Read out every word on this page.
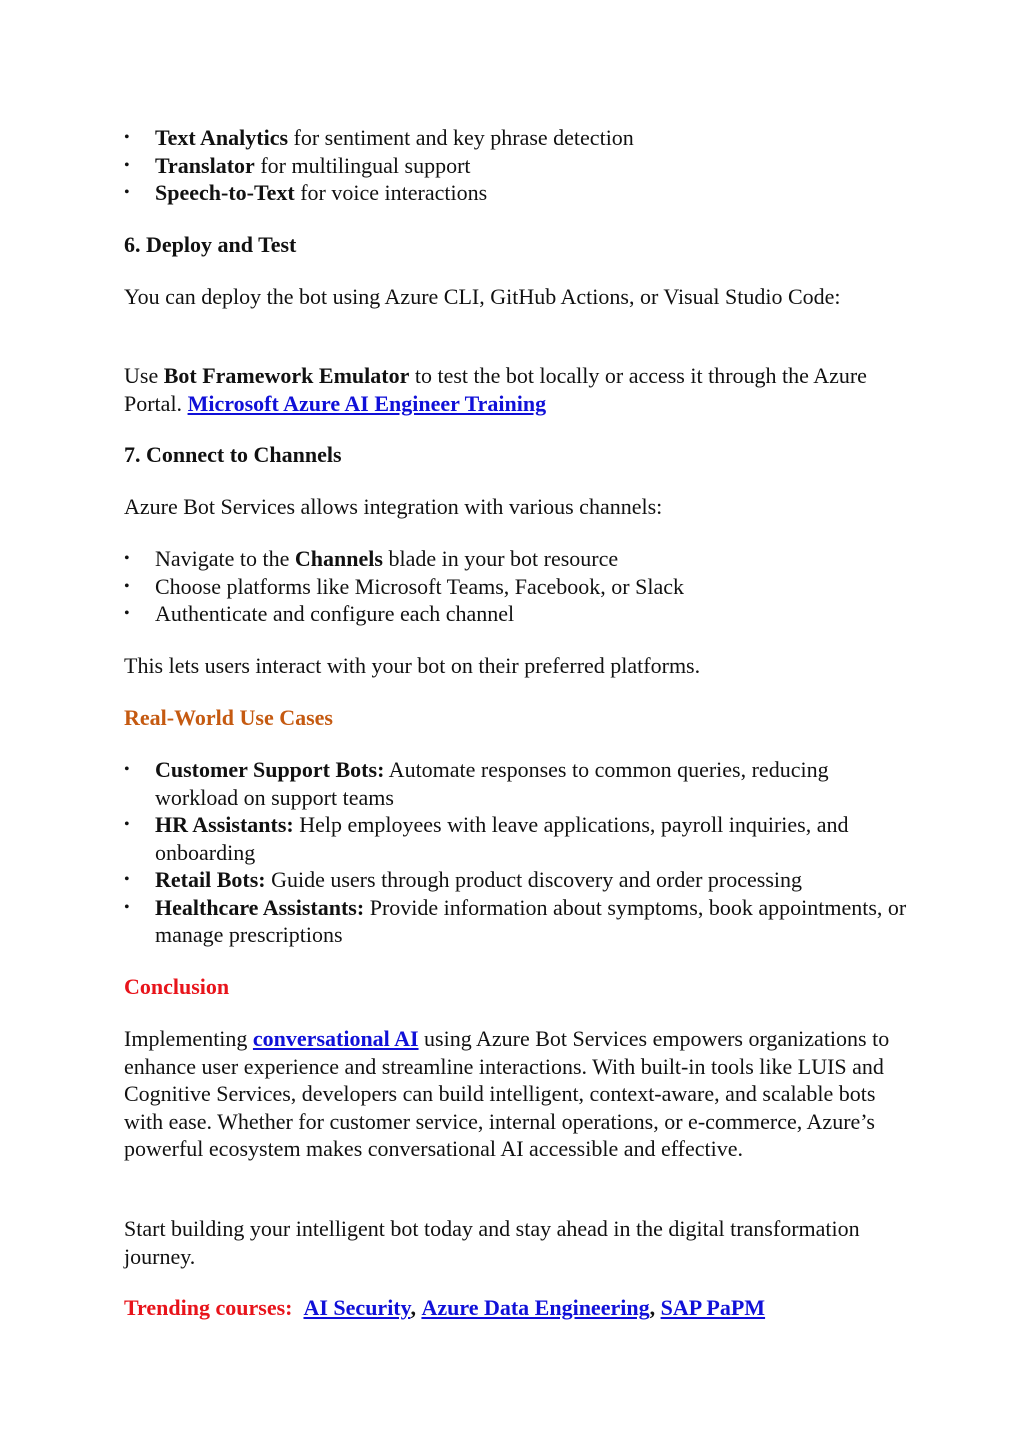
• Text Analytics for sentiment and key phrase detection
• Translator for multilingual support
• Speech-to-Text for voice interactions

6. Deploy and Test

You can deploy the bot using Azure CLI, GitHub Actions, or Visual Studio Code:

Use Bot Framework Emulator to test the bot locally or access it through the Azure Portal. Microsoft Azure AI Engineer Training

7. Connect to Channels

Azure Bot Services allows integration with various channels:

• Navigate to the Channels blade in your bot resource
• Choose platforms like Microsoft Teams, Facebook, or Slack
• Authenticate and configure each channel

This lets users interact with your bot on their preferred platforms.

Real-World Use Cases

• Customer Support Bots: Automate responses to common queries, reducing workload on support teams
• HR Assistants: Help employees with leave applications, payroll inquiries, and onboarding
• Retail Bots: Guide users through product discovery and order processing
• Healthcare Assistants: Provide information about symptoms, book appointments, or manage prescriptions

Conclusion

Implementing conversational AI using Azure Bot Services empowers organizations to enhance user experience and streamline interactions. With built-in tools like LUIS and Cognitive Services, developers can build intelligent, context-aware, and scalable bots with ease. Whether for customer service, internal operations, or e-commerce, Azure’s powerful ecosystem makes conversational AI accessible and effective.

Start building your intelligent bot today and stay ahead in the digital transformation journey.

Trending courses: AI Security, Azure Data Engineering, SAP PaPM
